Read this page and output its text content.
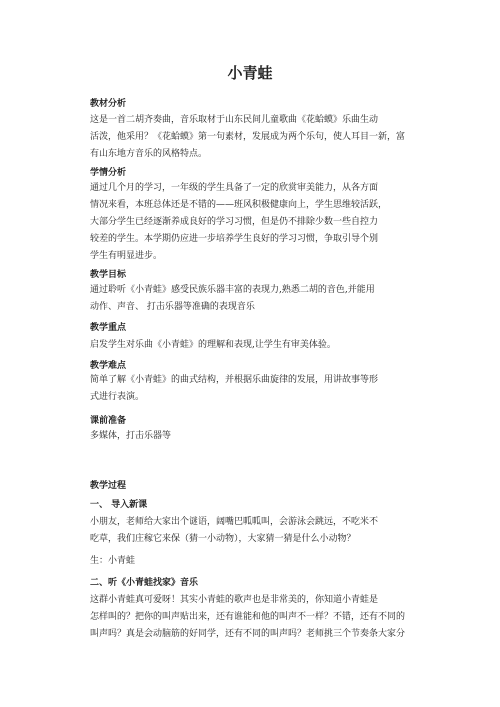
小青蛙
教材分析
这是一首二胡齐奏曲，音乐取材于山东民间儿童歌曲《花蛤蟆》乐曲生动
活泼，他采用？《花蛤蟆》第一句素材，发展成为两个乐句，使人耳目一新，富
有山东地方音乐的风格特点。
学情分析
通过几个月的学习，一年级的学生具备了一定的欣赏审美能力，从各方面
情况来看，本班总体还是不错的——班风积极健康向上，学生思维较活跃，
大部分学生已经逐渐养成良好的学习习惯，但是仍不排除少数一些自控力
较差的学生。本学期仍应进一步培养学生良好的学习习惯，争取引导个别
学生有明显进步。
教学目标
通过聆听《小青蛙》感受民族乐器丰富的表现力,熟悉二胡的音色,并能用
动作、声音、 打击乐器等准确的表现音乐
教学重点
启发学生对乐曲《小青蛙》的理解和表现,让学生有审美体验。
教学难点
简单了解《小青蛙》的曲式结构，并根据乐曲旋律的发展，用讲故事等形
式进行表演。
课前准备
多媒体，打击乐器等
教学过程
一、 导入新课
小朋友，老师给大家出个谜语，阔嘴巴呱呱叫，会游泳会跳远，不吃米不
吃草，我们庄稼它来保（猜一小动物），大家猜一猜是什么小动物？
生：小青蛙
二、听《小青蛙找家》音乐
这群小青蛙真可爱呀！其实小青蛙的歌声也是非常美的，你知道小青蛙是
怎样叫的？把你的叫声贴出来，还有谁能和他的叫声不一样？不错，还有不同的
叫声吗？真是会动脑筋的好同学，还有不同的叫声吗？老师挑三个节奏条大家分
